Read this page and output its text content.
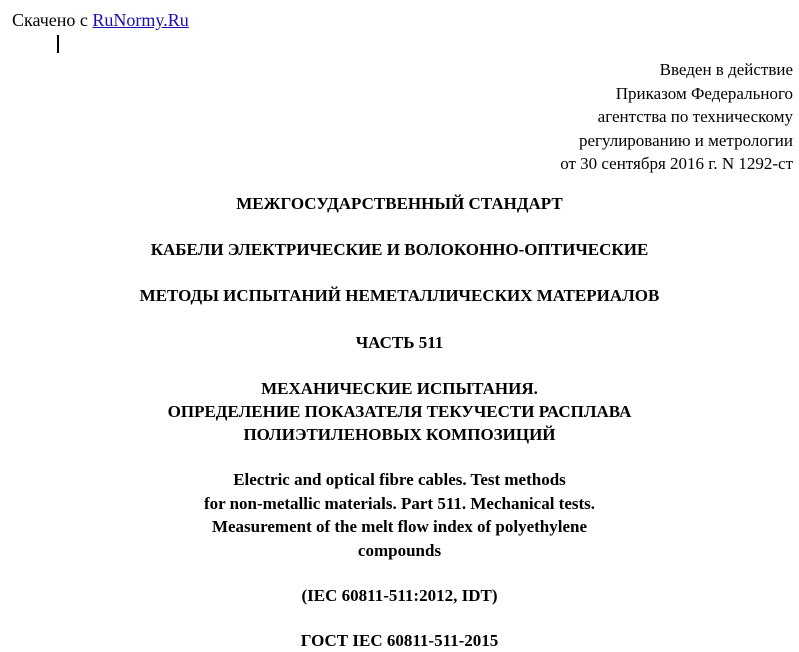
Скачено с RuNormy.Ru
Введен в действие
Приказом Федерального
агентства по техническому
регулированию и метрологии
от 30 сентября 2016 г. N 1292-ст
МЕЖГОСУДАРСТВЕННЫЙ СТАНДАРТ
КАБЕЛИ ЭЛЕКТРИЧЕСКИЕ И ВОЛОКОННО-ОПТИЧЕСКИЕ
МЕТОДЫ ИСПЫТАНИЙ НЕМЕТАЛЛИЧЕСКИХ МАТЕРИАЛОВ
ЧАСТЬ 511
МЕХАНИЧЕСКИЕ ИСПЫТАНИЯ.
ОПРЕДЕЛЕНИЕ ПОКАЗАТЕЛЯ ТЕКУЧЕСТИ РАСПЛАВА
ПОЛИЭТИЛЕНОВЫХ КОМПОЗИЦИЙ
Electric and optical fibre cables. Test methods
for non-metallic materials. Part 511. Mechanical tests.
Measurement of the melt flow index of polyethylene
compounds
(IEC 60811-511:2012, IDT)
ГОСТ IEC 60811-511-2015
